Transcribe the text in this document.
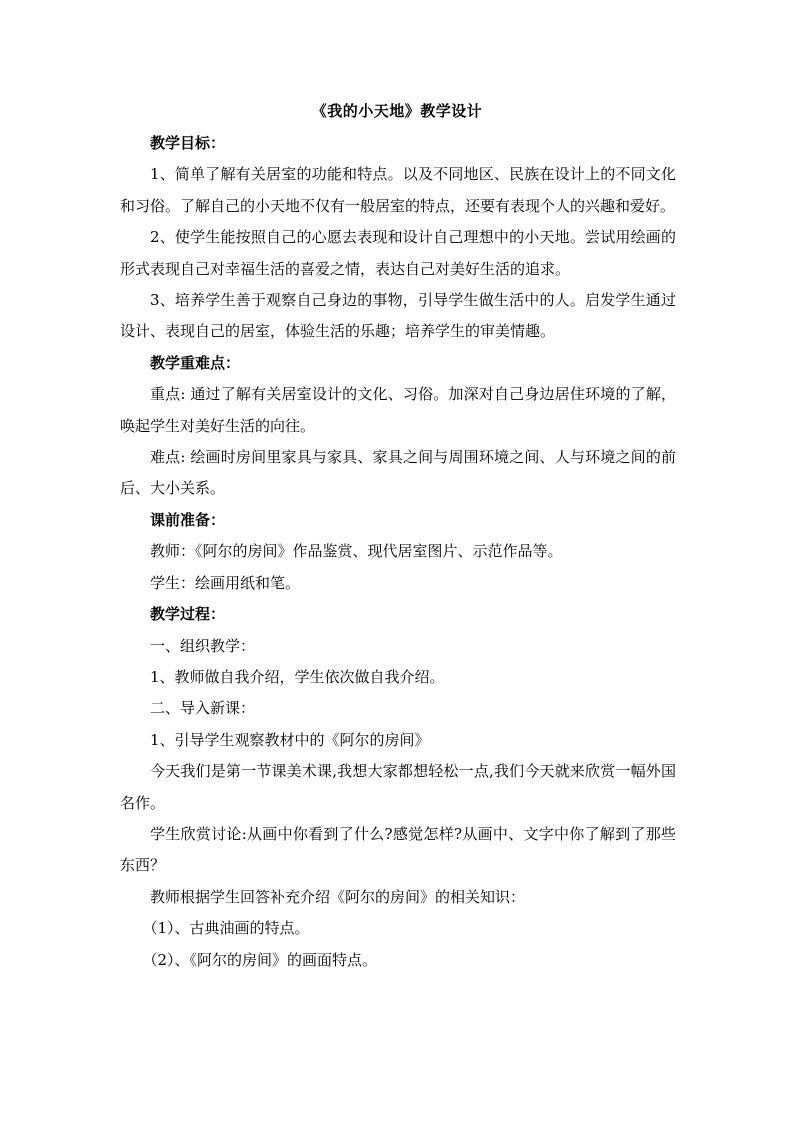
《我的小天地》教学设计

教学目标：

1、简单了解有关居室的功能和特点。以及不同地区、民族在设计上的不同文化和习俗。了解自己的小天地不仅有一般居室的特点，还要有表现个人的兴趣和爱好。

2、使学生能按照自己的心愿去表现和设计自己理想中的小天地。尝试用绘画的形式表现自己对幸福生活的喜爱之情，表达自己对美好生活的追求。

3、培养学生善于观察自己身边的事物，引导学生做生活中的人。启发学生通过设计、表现自己的居室，体验生活的乐趣；培养学生的审美情趣。

教学重难点：

重点: 通过了解有关居室设计的文化、习俗。加深对自己身边居住环境的了解，唤起学生对美好生活的向往。

难点: 绘画时房间里家具与家具、家具之间与周围环境之间、人与环境之间的前后、大小关系。

课前准备：

教师：《阿尔的房间》作品鉴赏、现代居室图片、示范作品等。

学生：绘画用纸和笔。

教学过程：

一、组织教学：

1、教师做自我介绍，学生依次做自我介绍。

二、导入新课：

1、引导学生观察教材中的《阿尔的房间》

今天我们是第一节课美术课,我想大家都想轻松一点,我们今天就来欣赏一幅外国名作。

学生欣赏讨论:从画中你看到了什么?感觉怎样?从画中、文字中你了解到了那些东西？

教师根据学生回答补充介绍《阿尔的房间》的相关知识：

（1）、古典油画的特点。

（2）、《阿尔的房间》的画面特点。
